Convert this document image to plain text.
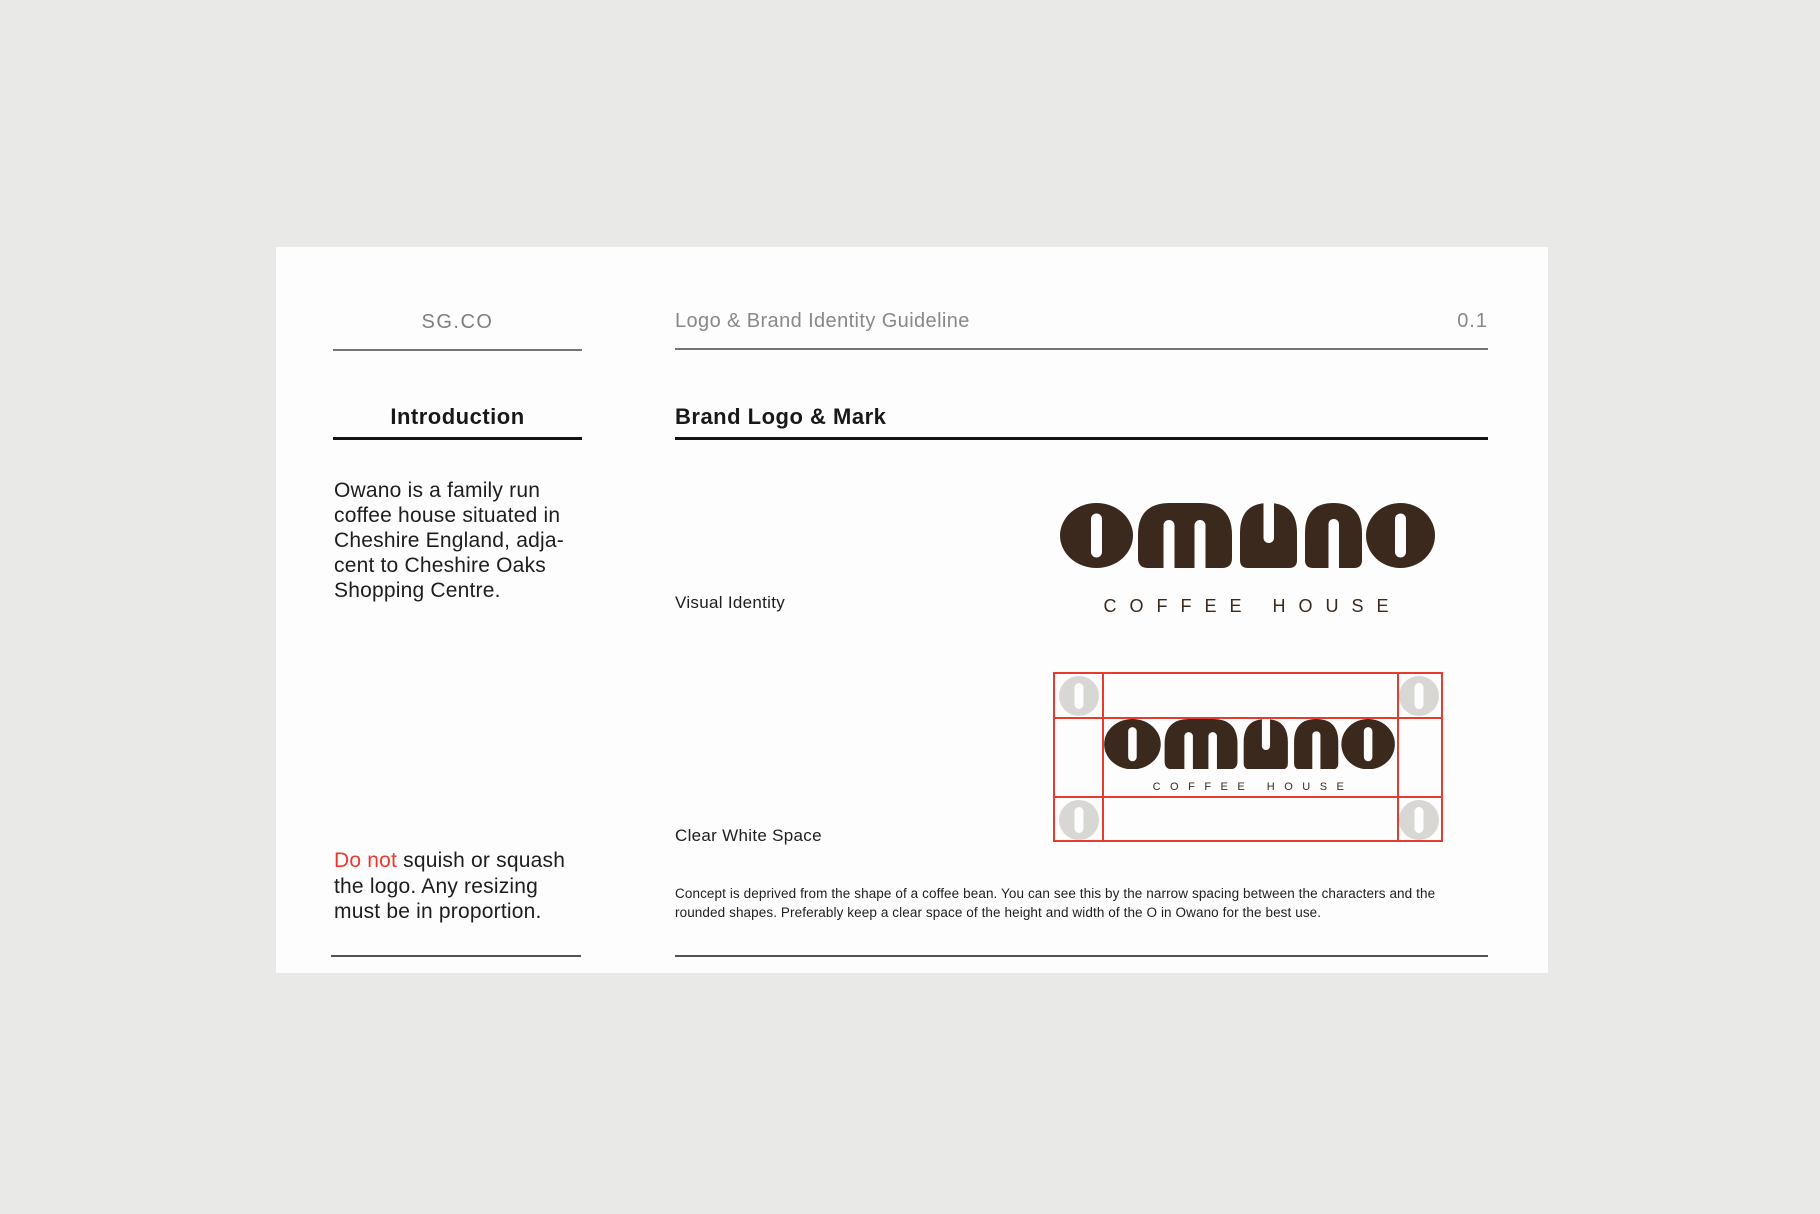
SG.CO	Logo & Brand Identity Guideline	0.1
Introduction	Brand Logo & Mark
Owano is a family run
coffee house situated in
Cheshire England, adja-
cent to Cheshire Oaks
Shopping Centre.
Do not squish or squash the logo. Any resizing must be in proportion.
COFFEE HOUSE
Visual Identity
Clear White Space
COFFEE HOUSE
Concept is deprived from the shape of a coffee bean. You can see this by the narrow spacing between the characters and the rounded shapes. Preferably keep a clear space of the height and width of the O in Owano for the best use.
